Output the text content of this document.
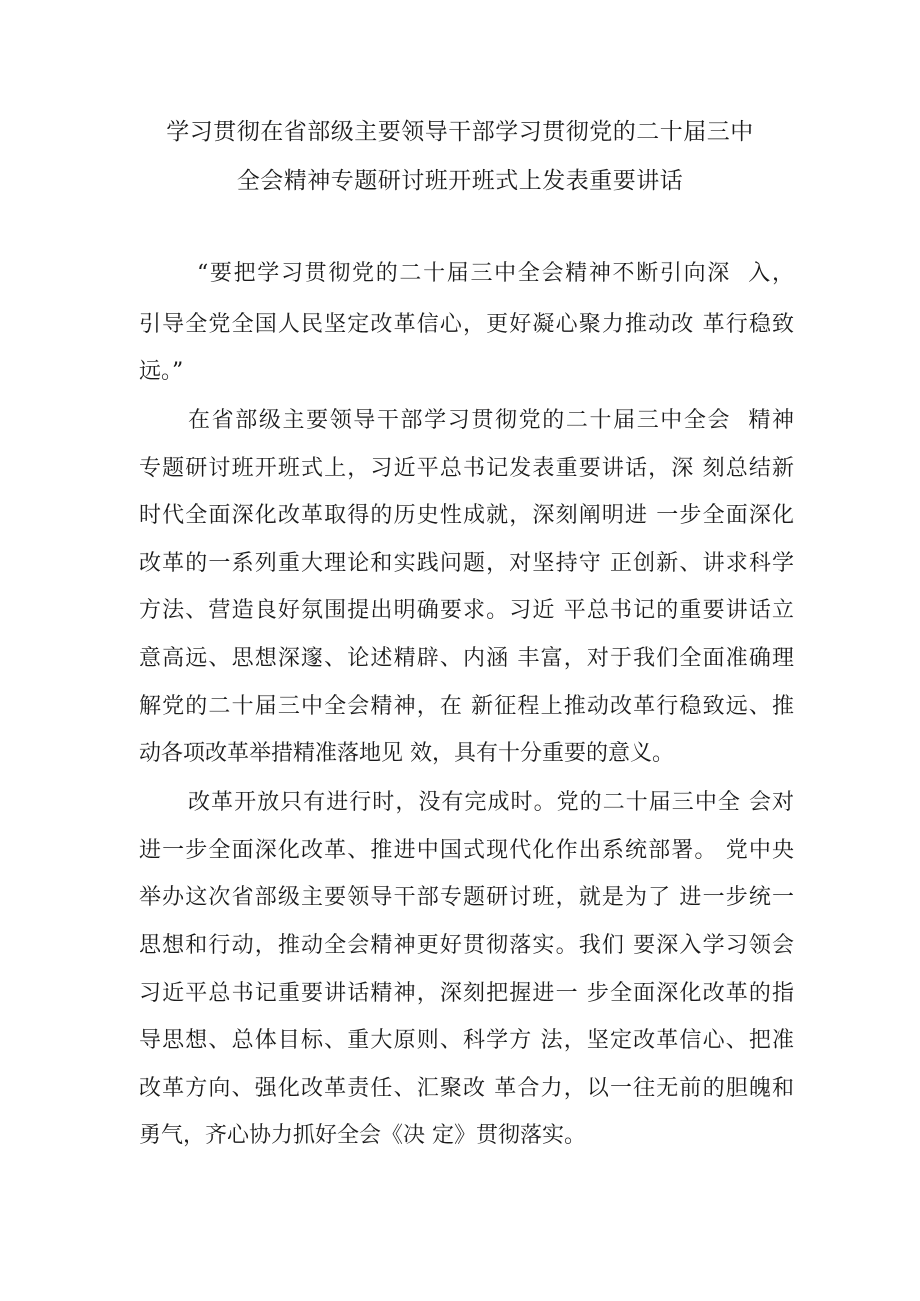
学习贯彻在省部级主要领导干部学习贯彻党的二十届三中
全会精神专题研讨班开班式上发表重要讲话
“要把学习贯彻党的二十届三中全会精神不断引向深  入，
引导全党全国人民坚定改革信心，更好凝心聚力推动改 革行稳致
远。”
在省部级主要领导干部学习贯彻党的二十届三中全会  精神
专题研讨班开班式上，习近平总书记发表重要讲话，深 刻总结新
时代全面深化改革取得的历史性成就，深刻阐明进 一步全面深化
改革的一系列重大理论和实践问题，对坚持守 正创新、讲求科学
方法、营造良好氛围提出明确要求。习近 平总书记的重要讲话立
意高远、思想深邃、论述精辟、内涵 丰富，对于我们全面准确理
解党的二十届三中全会精神，在 新征程上推动改革行稳致远、推
动各项改革举措精准落地见 效，具有十分重要的意义。
改革开放只有进行时，没有完成时。党的二十届三中全 会对
进一步全面深化改革、推进中国式现代化作出系统部署。 党中央
举办这次省部级主要领导干部专题研讨班，就是为了 进一步统一
思想和行动，推动全会精神更好贯彻落实。我们 要深入学习领会
习近平总书记重要讲话精神，深刻把握进一 步全面深化改革的指
导思想、总体目标、重大原则、科学方 法，坚定改革信心、把准
改革方向、强化改革责任、汇聚改 革合力，以一往无前的胆魄和
勇气，齐心协力抓好全会《决 定》贯彻落实。
